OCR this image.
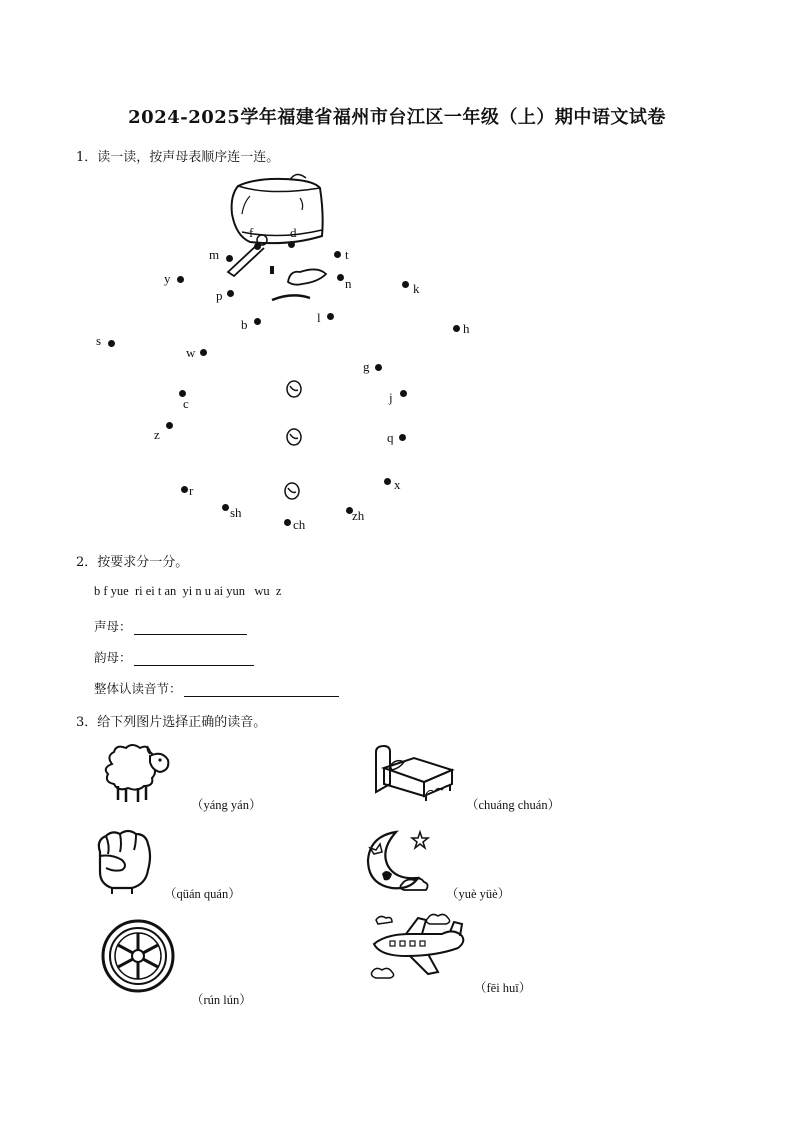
2024-2025学年福建省福州市台江区一年级（上）期中语文试卷
1．读一读，按声母表顺序连一连。
m
f	d
t
y	n
p	k
b	l
h
s
w
g
c	j
z	q
r	x
sh
ch
zh
2．按要求分一分。
b f yue  ri ei t an  yi n u ai yun   wu  z
声母：
韵母：
整体认读音节：
3．给下列图片选择正确的读音。
（yáng yán）	（chuáng chuán）
（qüán quán）	（yuè yüè）
（rún lún）
（fēi huī）
